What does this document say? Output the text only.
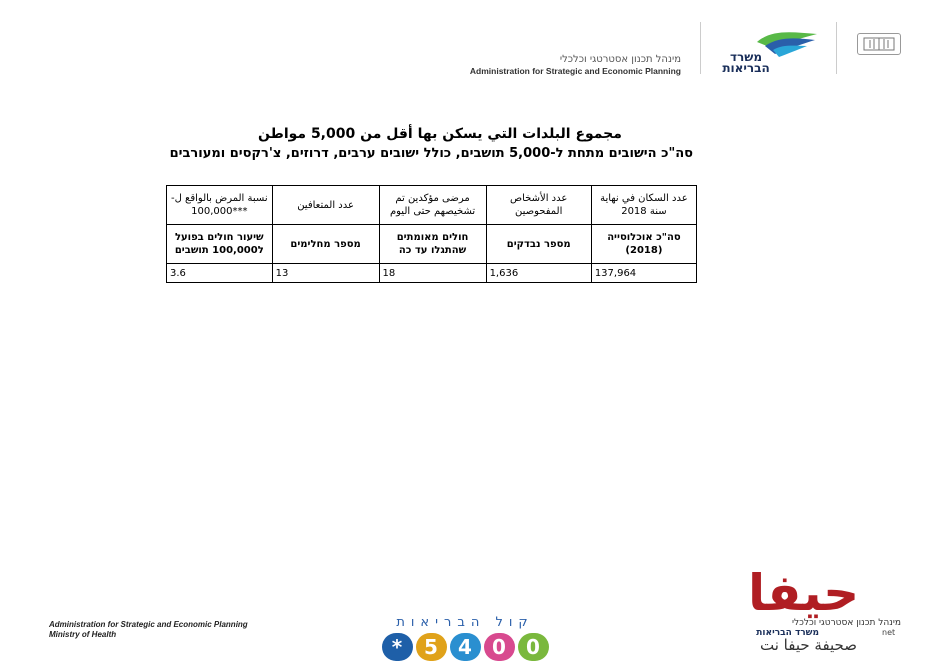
מינהל תכנון אסטרטגי וכלכלי
Administration for Strategic and Economic Planning
משרד הבריאות
مجموع البلدات التي يسكن بها أقل من 5,000 مواطن
סה"כ הישובים מתחת ל-5,000 תושבים, כולל ישובים ערבים, דרוזים, צ'רקסים ומעורבים
عدد السكان في نهاية سنة 2018	عدد الأشخاص المفحوصين	مرضى مؤكدين تم تشخيصهم حتى اليوم	عدد المتعافين	نسبة المرض بالواقع ل- ***100,000
סה"כ אוכלוסייה (2018)	מספר נבדקים	חולים מאומתים שהתגלו עד כה	מספר מחלימים	שיעור חולים בפועל ל100,000 תושבים
137,964	1,636	18	13	3.6
Administration for Strategic and Economic Planning
Ministry of Health
קול הבריאות
*	5	4	0	0
מינהל תכנון אסטרטגי וכלכלי
משרד הבריאות
حيفا
net
صحيفة حيفا نت
